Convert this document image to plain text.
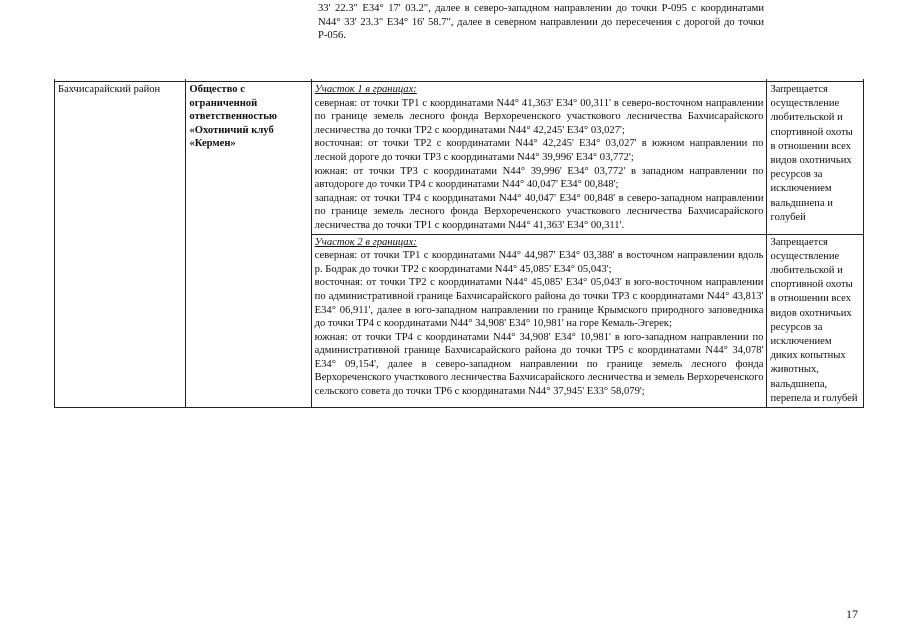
Бахчисарайский район	Общество с ограниченной ответственностью «Охотничий клуб «Кермен»	Участок 1 в границах:

северная: от точки ТР1 с координатами N44° 41,363' E34° 00,311' в северо-восточном направлении по границе земель лесного фонда Верхореченского участкового лесничества Бахчисарайского лесничества до точки ТР2 с координатами N44° 42,245' E34° 03,027';

восточная: от точки ТР2 с координатами N44° 42,245' E34° 03,027' в южном направлении по лесной дороге до точки ТР3 с координатами N44° 39,996' E34° 03,772';

южная: от точки ТР3 с координатами N44° 39,996' E34° 03,772' в западном направлении по автодороге до точки ТР4 с координатами N44° 40,047' E34° 00,848';

западная: от точки ТР4 с координатами N44° 40,047' E34° 00,848' в северо-западном направлении по границе земель лесного фонда Верхореченского участкового лесничества Бахчисарайского лесничества до точки ТР1 с координатами N44° 41,363' E34° 00,311'.	Запрещается осуществление любительской и спортивной охоты в отношении всех видов охотничьих ресурсов за исключением вальдшнепа и голубей

		Участок 2 в границах:

северная: от точки ТР1 с координатами N44° 44,987' E34° 03,388' в восточном направлении вдоль р. Бодрак до точки ТР2 с координатами N44° 45,085' E34° 05,043';

восточная: от точки ТР2 с координатами N44° 45,085' E34° 05,043' в юго-восточном направлении по административной границе Бахчисарайского района до точки ТР3 с координатами N44° 43,813' E34° 06,911', далее в юго-западном направлении по границе Крымского природного заповедника до точки ТР4 с координатами N44° 34,908' E34° 10,981' на горе Кемаль-Эгерек;

южная: от точки ТР4 с координатами N44° 34,908' E34° 10,981' в юго-западном направлении по административной границе Бахчисарайского района до точки ТР5 с координатами N44° 34,078' E34° 09,154', далее в северо-западном направлении по границе земель лесного фонда Верхореченского участкового лесничества Бахчисарайского лесничества и земель Верхореченского сельского совета до точки ТР6 с координатами N44° 37,945' E33° 58,079';	Запрещается осуществление любительской и спортивной охоты в отношении всех видов охотничьих ресурсов за исключением диких копытных животных, вальдшнепа, перепела и голубей
33' 22.3" E34° 17' 03.2", далее в северо-западном направлении до точки Р-095 с координатами N44° 33' 23.3" E34° 16' 58.7", далее в северном направлении до пересечения с дорогой до точки Р-056.
17
